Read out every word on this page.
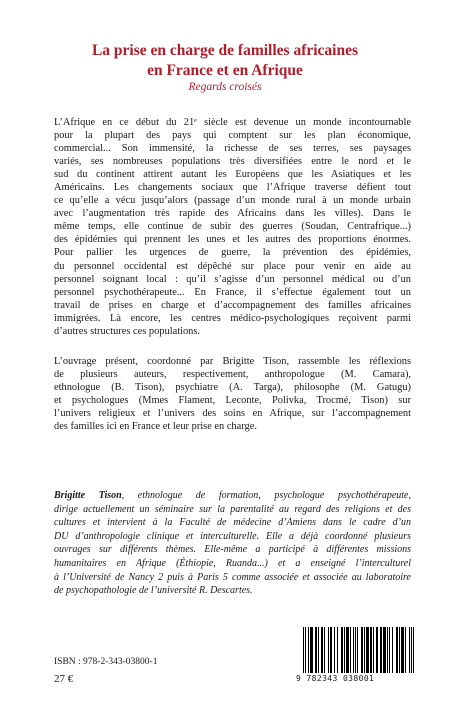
La prise en charge de familles africaines
en France et en Afrique
Regards croisés
L’Afrique en ce début du 21ᵉ siècle est devenue un monde incontournable
pour la plupart des pays qui comptent sur les plan économique,
commercial... Son immensité, la richesse de ses terres, ses paysages
variés, ses nombreuses populations très diversifiées entre le nord et le
sud du continent attirent autant les Européens que les Asiatiques et les
Américains. Les changements sociaux que l’Afrique traverse défient tout
ce qu’elle a vécu jusqu’alors (passage d’un monde rural à un monde urbain
avec l’augmentation très rapide des Africains dans les villes). Dans le
même temps, elle continue de subir des guerres (Soudan, Centrafrique...)
des épidémies qui prennent les unes et les autres des proportions énormes.
Pour pallier les urgences de guerre, la prévention des épidémies,
du personnel occidental est dépêché sur place pour venir en aide au
personnel soignant local : qu’il s’agisse d’un personnel médical ou d’un
personnel psychothérapeute... En France, il s’effectue également tout un
travail de prises en charge et d’accompagnement des familles africaines
immigrées. Là encore, les centres médico-psychologiques reçoivent parmi
d’autres structures ces populations.
L’ouvrage présent, coordonné par Brigitte Tison, rassemble les réflexions
de plusieurs auteurs, respectivement, anthropologue (M. Camara),
ethnologue (B. Tison), psychiatre (A. Targa), philosophe (M. Gatugu)
et psychologues (Mmes Flament, Leconte, Polivka, Trocmé, Tison) sur
l’univers religieux et l’univers des soins en Afrique, sur l’accompagnement
des familles ici en France et leur prise en charge.
Brigitte Tison, ethnologue de formation, psychologue psychothérapeute,
dirige actuellement un séminaire sur la parentalité au regard des religions et des
cultures et intervient à la Faculté de médecine d’Amiens dans le cadre d’un
DU d’anthropologie clinique et interculturelle. Elle a déjà coordonné plusieurs
ouvrages sur différents thèmes. Elle-même a participé à différentes missions
humanitaires en Afrique (Éthiopie, Ruanda...) et a enseigné l’interculturel
à l’Université de Nancy 2 puis à Paris 5 comme associée et associée au laboratoire
de psychopathologie de l’université R. Descartes.
ISBN : 978-2-343-03800-1
27 €	9 782343 038001
